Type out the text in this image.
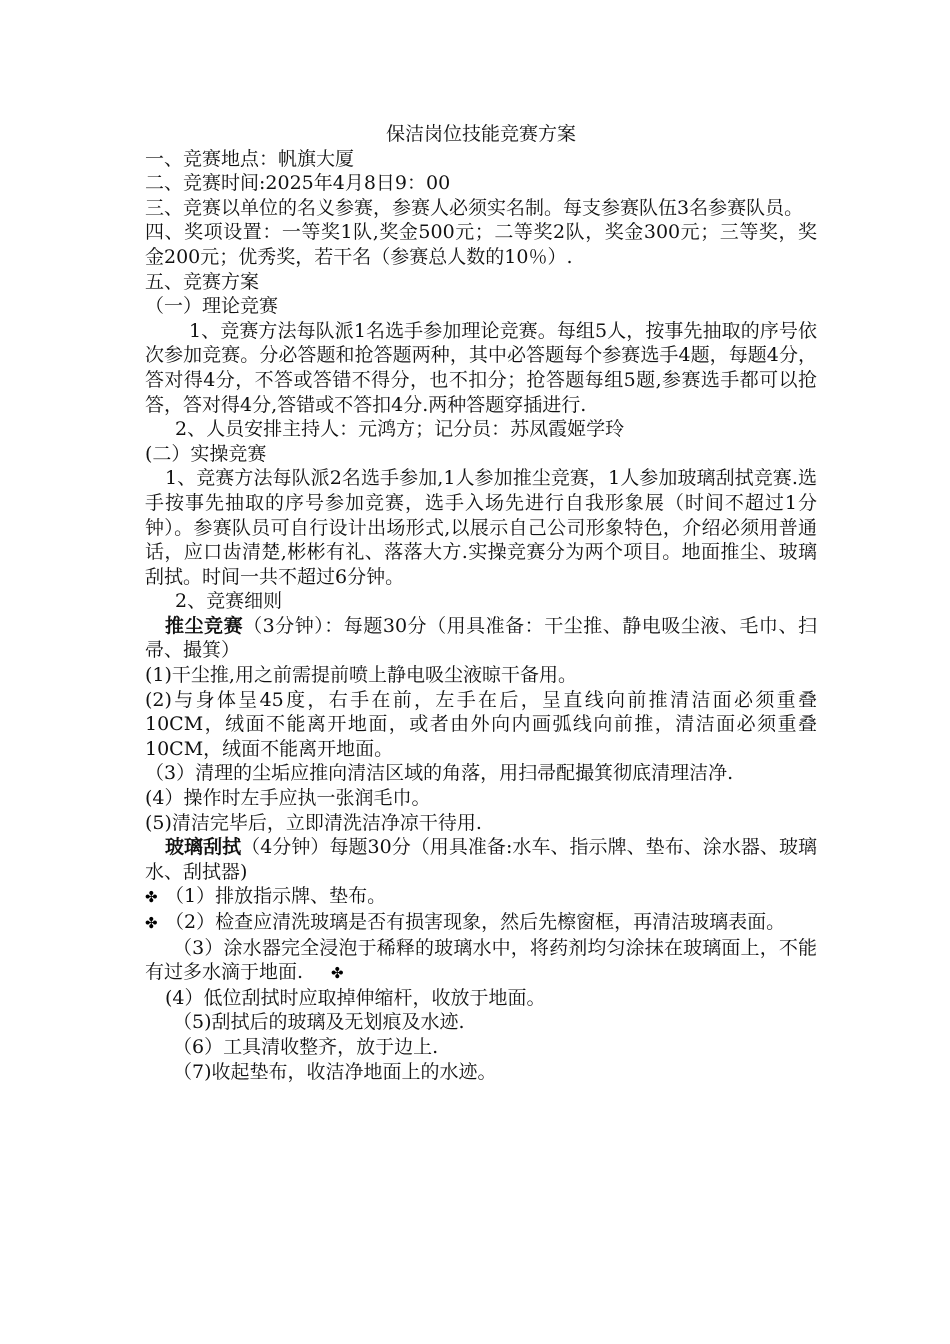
保洁岗位技能竞赛方案

一、竞赛地点：帆旗大厦

二、竞赛时间:2025年4月8日9：00

三、竞赛以单位的名义参赛，参赛人必须实名制。每支参赛队伍3名参赛队员。

四、奖项设置：一等奖1队,奖金500元；二等奖2队，奖金300元；三等奖，奖金200元；优秀奖，若干名（参赛总人数的10％）.

五、竞赛方案

（一）理论竞赛

1、竞赛方法每队派1名选手参加理论竞赛。每组5人，按事先抽取的序号依次参加竞赛。分必答题和抢答题两种，其中必答题每个参赛选手4题，每题4分，答对得4分，不答或答错不得分，也不扣分；抢答题每组5题,参赛选手都可以抢答，答对得4分,答错或不答扣4分.两种答题穿插进行.

2、人员安排主持人：元鸿方；记分员：苏凤霞姬学玲

(二）实操竞赛

1、竞赛方法每队派2名选手参加,1人参加推尘竞赛，1人参加玻璃刮拭竞赛.选手按事先抽取的序号参加竞赛，选手入场先进行自我形象展（时间不超过1分钟）。参赛队员可自行设计出场形式,以展示自己公司形象特色，介绍必须用普通话，应口齿清楚,彬彬有礼、落落大方.实操竞赛分为两个项目。地面推尘、玻璃刮拭。时间一共不超过6分钟。

2、竞赛细则

推尘竞赛（3分钟）：每题30分（用具准备：干尘推、静电吸尘液、毛巾、扫帚、撮箕）

(1)干尘推,用之前需提前喷上静电吸尘液晾干备用。

(2)与身体呈45度，右手在前，左手在后，呈直线向前推清洁面必须重叠10CM，绒面不能离开地面，或者由外向内画弧线向前推，清洁面必须重叠10CM，绒面不能离开地面。

（3）清理的尘垢应推向清洁区域的角落，用扫帚配撮箕彻底清理洁净.

(4）操作时左手应执一张润毛巾。

(5)清洁完毕后，立即清洗洁净凉干待用.

玻璃刮拭（4分钟）每题30分（用具准备:水车、指示牌、垫布、涂水器、玻璃水、刮拭器)

✤ （1）排放指示牌、垫布。

✤ （2）检查应清洗玻璃是否有损害现象，然后先檫窗框，再清洁玻璃表面。

（3）涂水器完全浸泡于稀释的玻璃水中，将药剂均匀涂抹在玻璃面上，不能有过多水滴于地面. ✤

(4）低位刮拭时应取掉伸缩杆，收放于地面。

（5)刮拭后的玻璃及无划痕及水迹.

（6）工具清收整齐，放于边上.

（7)收起垫布，收洁净地面上的水迹。
